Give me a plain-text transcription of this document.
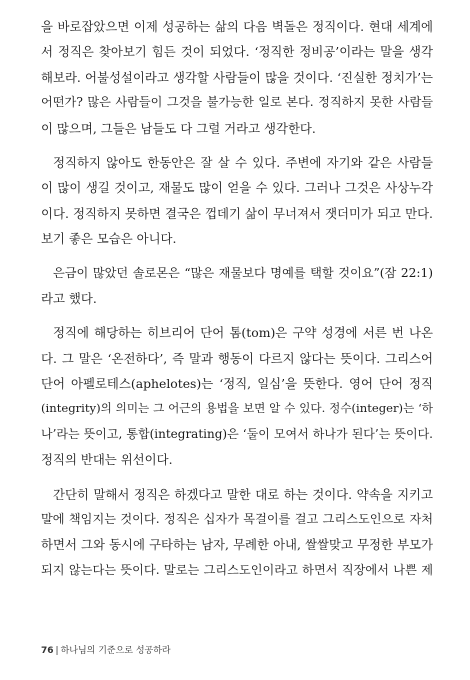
을 바로잡았으면 이제 성공하는 삶의 다음 벽돌은 정직이다. 현대 세계에
서 정직은 찾아보기 힘든 것이 되었다. ‘정직한 정비공’이라는 말을 생각
해보라. 어불성설이라고 생각할 사람들이 많을 것이다. ‘진실한 정치가’는
어떤가? 많은 사람들이 그것을 불가능한 일로 본다. 정직하지 못한 사람들
이 많으며, 그들은 남들도 다 그럴 거라고 생각한다.
정직하지 않아도 한동안은 잘 살 수 있다. 주변에 자기와 같은 사람들
이 많이 생길 것이고, 재물도 많이 얻을 수 있다. 그러나 그것은 사상누각
이다. 정직하지 못하면 결국은 껍데기 삶이 무너져서 잿더미가 되고 만다.
보기 좋은 모습은 아니다.
은금이 많았던 솔로몬은 “많은 재물보다 명예를 택할 것이요”(잠 22:1)
라고 했다.
정직에 해당하는 히브리어 단어 톰(tom)은 구약 성경에 서른 번 나온
다. 그 말은 ‘온전하다’, 즉 말과 행동이 다르지 않다는 뜻이다. 그리스어
단어 아펠로테스(aphelotes)는 ‘정직, 일심’을 뜻한다. 영어 단어 정직
(integrity)의 의미는 그 어근의 용법을 보면 알 수 있다. 정수(integer)는 ‘하
나’라는 뜻이고, 통합(integrating)은 ‘둘이 모여서 하나가 된다’는 뜻이다.
정직의 반대는 위선이다.
간단히 말해서 정직은 하겠다고 말한 대로 하는 것이다. 약속을 지키고
말에 책임지는 것이다. 정직은 십자가 목걸이를 걸고 그리스도인으로 자처
하면서 그와 동시에 구타하는 남자, 무례한 아내, 쌀쌀맞고 무정한 부모가
되지 않는다는 뜻이다. 말로는 그리스도인이라고 하면서 직장에서 나쁜 제
76 | 하나님의 기준으로 성공하라
